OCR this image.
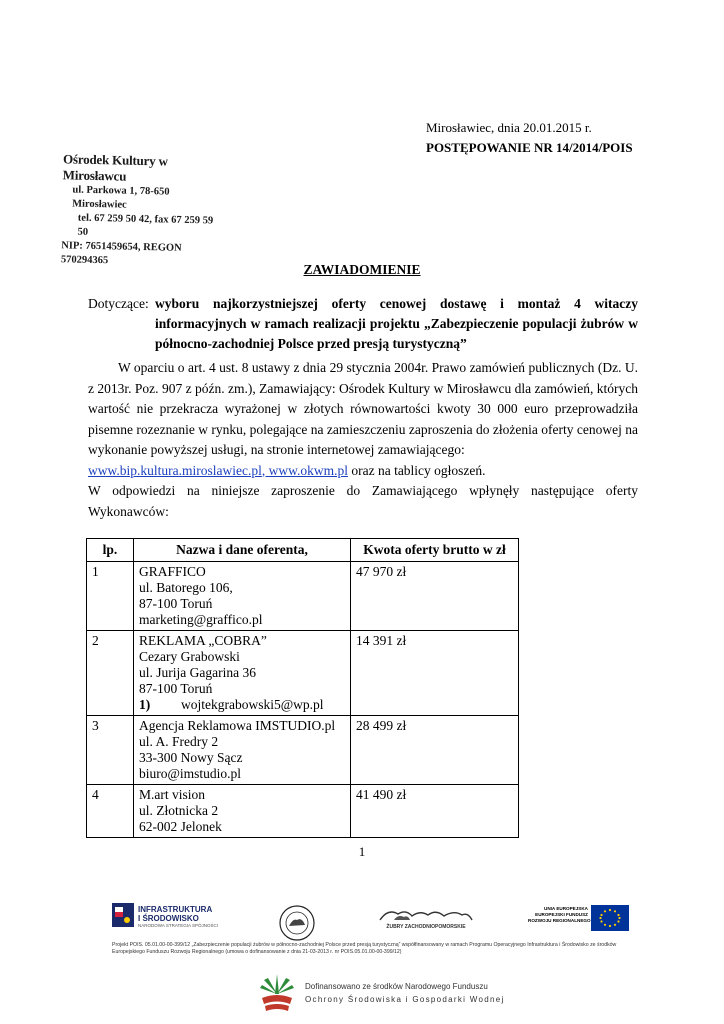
Mirosławiec, dnia 20.01.2015 r.
POSTĘPOWANIE NR 14/2014/POIS
Ośrodek Kultury w Mirosławcu
ul. Parkowa 1, 78-650 Mirosławiec
tel. 67 259 50 42, fax 67 259 59 50
NIP: 7651459654, REGON 570294365
ZAWIADOMIENIE
Dotyczące: wyboru najkorzystniejszej oferty cenowej dostawę i montaż 4 witaczy informacyjnych w ramach realizacji projektu „Zabezpieczenie populacji żubrów w północno-zachodniej Polsce przed presją turystyczną”

W oparciu o art. 4 ust. 8 ustawy z dnia 29 stycznia 2004r. Prawo zamówień publicznych (Dz. U. z 2013r. Poz. 907 z późn. zm.), Zamawiający: Ośrodek Kultury w Mirosławcu dla zamówień, których wartość nie przekracza wyrażonej w złotych równowartości kwoty 30 000 euro przeprowadziła pisemne rozeznanie w rynku, polegające na zamieszczeniu zaproszenia do złożenia oferty cenowej na wykonanie powyższej usługi, na stronie internetowej zamawiającego:
www.bip.kultura.miroslawiec.pl, www.okwm.pl oraz na tablicy ogłoszeń.

W odpowiedzi na niniejsze zaproszenie do Zamawiającego wpłynęły następujące oferty Wykonawców:

lp.	Nazwa i dane oferenta,	Kwota oferty brutto w zł
1	GRAFFICO
ul. Batorego 106,
87-100 Toruń
marketing@graffico.pl	47 970 zł
2	REKLAMA „COBRA”
Cezary Grabowski
ul. Jurija Gagarina 36
87-100 Toruń
1) wojtekgrabowski5@wp.pl	14 391 zł
3	Agencja Reklamowa IMSTUDIO.pl
ul. A. Fredry 2
33-300 Nowy Sącz
biuro@imstudio.pl	28 499 zł
4	M.art vision
ul. Złotnicka 2
62-002 Jelonek	41 490 zł
1
INFRASTRUKTURA
I ŚRODOWISKO
NARODOWA STRATEGIA SPÓJNOŚCI	ŻUBRY ZACHODNIOPOMORSKIE
UNIA EUROPEJSKA
EUROPEJSKI FUNDUSZ
ROZWOJU REGIONALNEGO
Projekt POIS. 05.01.00-00-399/12 „Zabezpieczenie populacji żubrów w północno-zachodniej Polsce przed presją turystyczną” współfinansowany w ramach Programu Operacyjnego Infrastruktura i Środowisko ze środków Europejskiego Funduszu Rozwoju Regionalnego (umowa o dofinansowanie z dnia 21-03-2013 r. nr POIS.05.01.00-00-399/12)
Dofinansowano ze środków Narodowego Funduszu
Ochrony Środowiska i Gospodarki Wodnej
